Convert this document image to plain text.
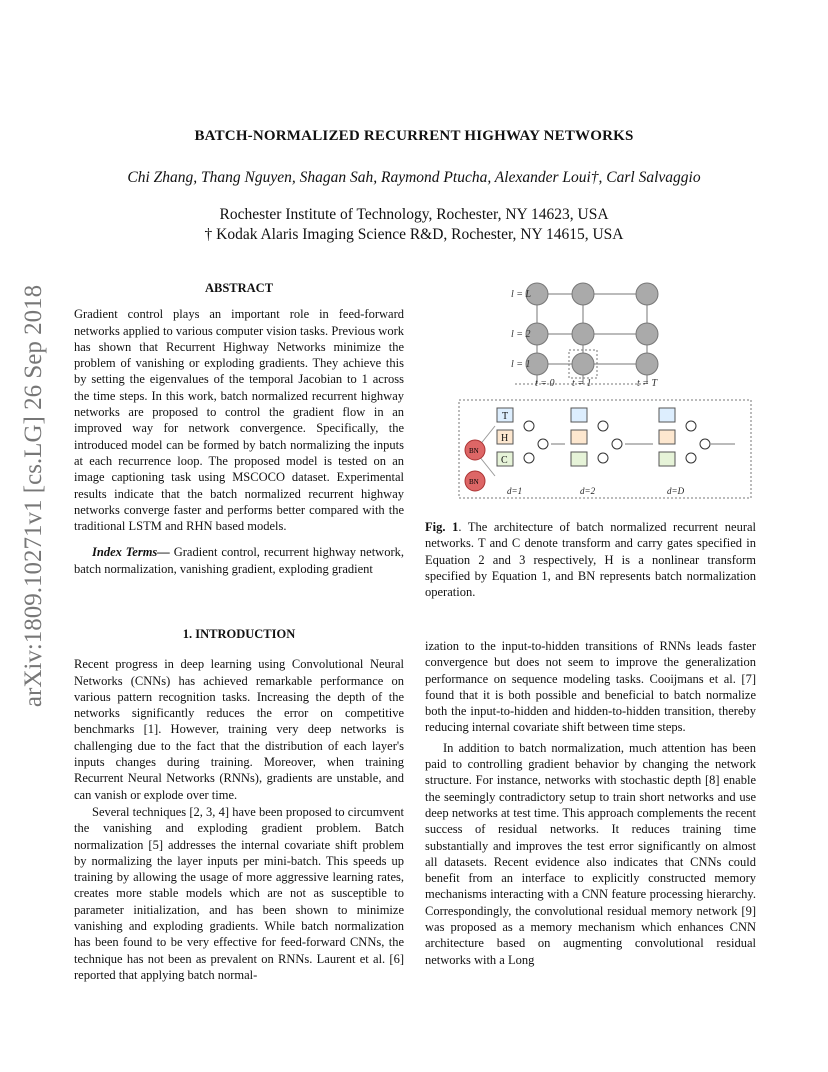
arXiv:1809.10271v1 [cs.LG] 26 Sep 2018
BATCH-NORMALIZED RECURRENT HIGHWAY NETWORKS
Chi Zhang, Thang Nguyen, Shagan Sah, Raymond Ptucha, Alexander Loui†, Carl Salvaggio
Rochester Institute of Technology, Rochester, NY 14623, USA
† Kodak Alaris Imaging Science R&D, Rochester, NY 14615, USA
ABSTRACT

Gradient control plays an important role in feed-forward networks applied to various computer vision tasks. Previous work has shown that Recurrent Highway Networks minimize the problem of vanishing or exploding gradients. They achieve this by setting the eigenvalues of the temporal Jacobian to 1 across the time steps. In this work, batch normalized recurrent highway networks are proposed to control the gradient flow in an improved way for network convergence. Specifically, the introduced model can be formed by batch normalizing the inputs at each recurrence loop. The proposed model is tested on an image captioning task using MSCOCO dataset. Experimental results indicate that the batch normalized recurrent highway networks converge faster and performs better compared with the traditional LSTM and RHN based models.

Index Terms— Gradient control, recurrent highway network, batch normalization, vanishing gradient, exploding gradient

1. INTRODUCTION

Recent progress in deep learning using Convolutional Neural Networks (CNNs) has achieved remarkable performance on various pattern recognition tasks. Increasing the depth of the networks significantly reduces the error on competitive benchmarks [1]. However, training very deep networks is challenging due to the fact that the distribution of each layer's inputs changes during training. Moreover, when training Recurrent Neural Networks (RNNs), gradients are unstable, and can vanish or explode over time.

Several techniques [2, 3, 4] have been proposed to circumvent the vanishing and exploding gradient problem. Batch normalization [5] addresses the internal covariate shift problem by normalizing the layer inputs per mini-batch. This speeds up training by allowing the usage of more aggressive learning rates, creates more stable models which are not as susceptible to parameter initialization, and has been shown to minimize vanishing and exploding gradients. While batch normalization has been found to be very effective for feed-forward CNNs, the technique has not been as prevalent on RNNs. Laurent et al. [6] reported that applying batch normal-

l = L
l = 2
l = 1
t = 0 t = 1	t = T
BN
BN
T
H
C
d=1	d=2	d=D

Fig. 1. The architecture of batch normalized recurrent neural networks. T and C denote transform and carry gates specified in Equation 2 and 3 respectively, H is a nonlinear transform specified by Equation 1, and BN represents batch normalization operation.

ization to the input-to-hidden transitions of RNNs leads faster convergence but does not seem to improve the generalization performance on sequence modeling tasks. Cooijmans et al. [7] found that it is both possible and beneficial to batch normalize both the input-to-hidden and hidden-to-hidden transition, thereby reducing internal covariate shift between time steps.

In addition to batch normalization, much attention has been paid to controlling gradient behavior by changing the network structure. For instance, networks with stochastic depth [8] enable the seemingly contradictory setup to train short networks and use deep networks at test time. This approach complements the recent success of residual networks. It reduces training time substantially and improves the test error significantly on almost all datasets. Recent evidence also indicates that CNNs could benefit from an interface to explicitly constructed memory mechanisms interacting with a CNN feature processing hierarchy. Correspondingly, the convolutional residual memory network [9] was proposed as a memory mechanism which enhances CNN architecture based on augmenting convolutional residual networks with a Long
